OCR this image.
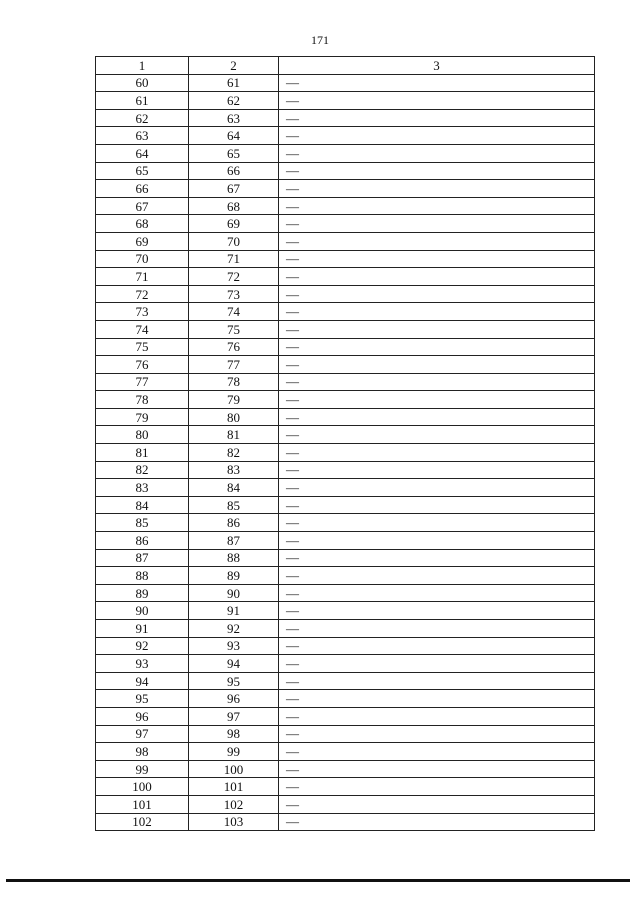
171
1	2	3
60	61	—
61	62	—
62	63	—
63	64	—
64	65	—
65	66	—
66	67	—
67	68	—
68	69	—
69	70	—
70	71	—
71	72	—
72	73	—
73	74	—
74	75	—
75	76	—
76	77	—
77	78	—
78	79	—
79	80	—
80	81	—
81	82	—
82	83	—
83	84	—
84	85	—
85	86	—
86	87	—
87	88	—
88	89	—
89	90	—
90	91	—
91	92	—
92	93	—
93	94	—
94	95	—
95	96	—
96	97	—
97	98	—
98	99	—
99	100	—
100	101	—
101	102	—
102	103	—
